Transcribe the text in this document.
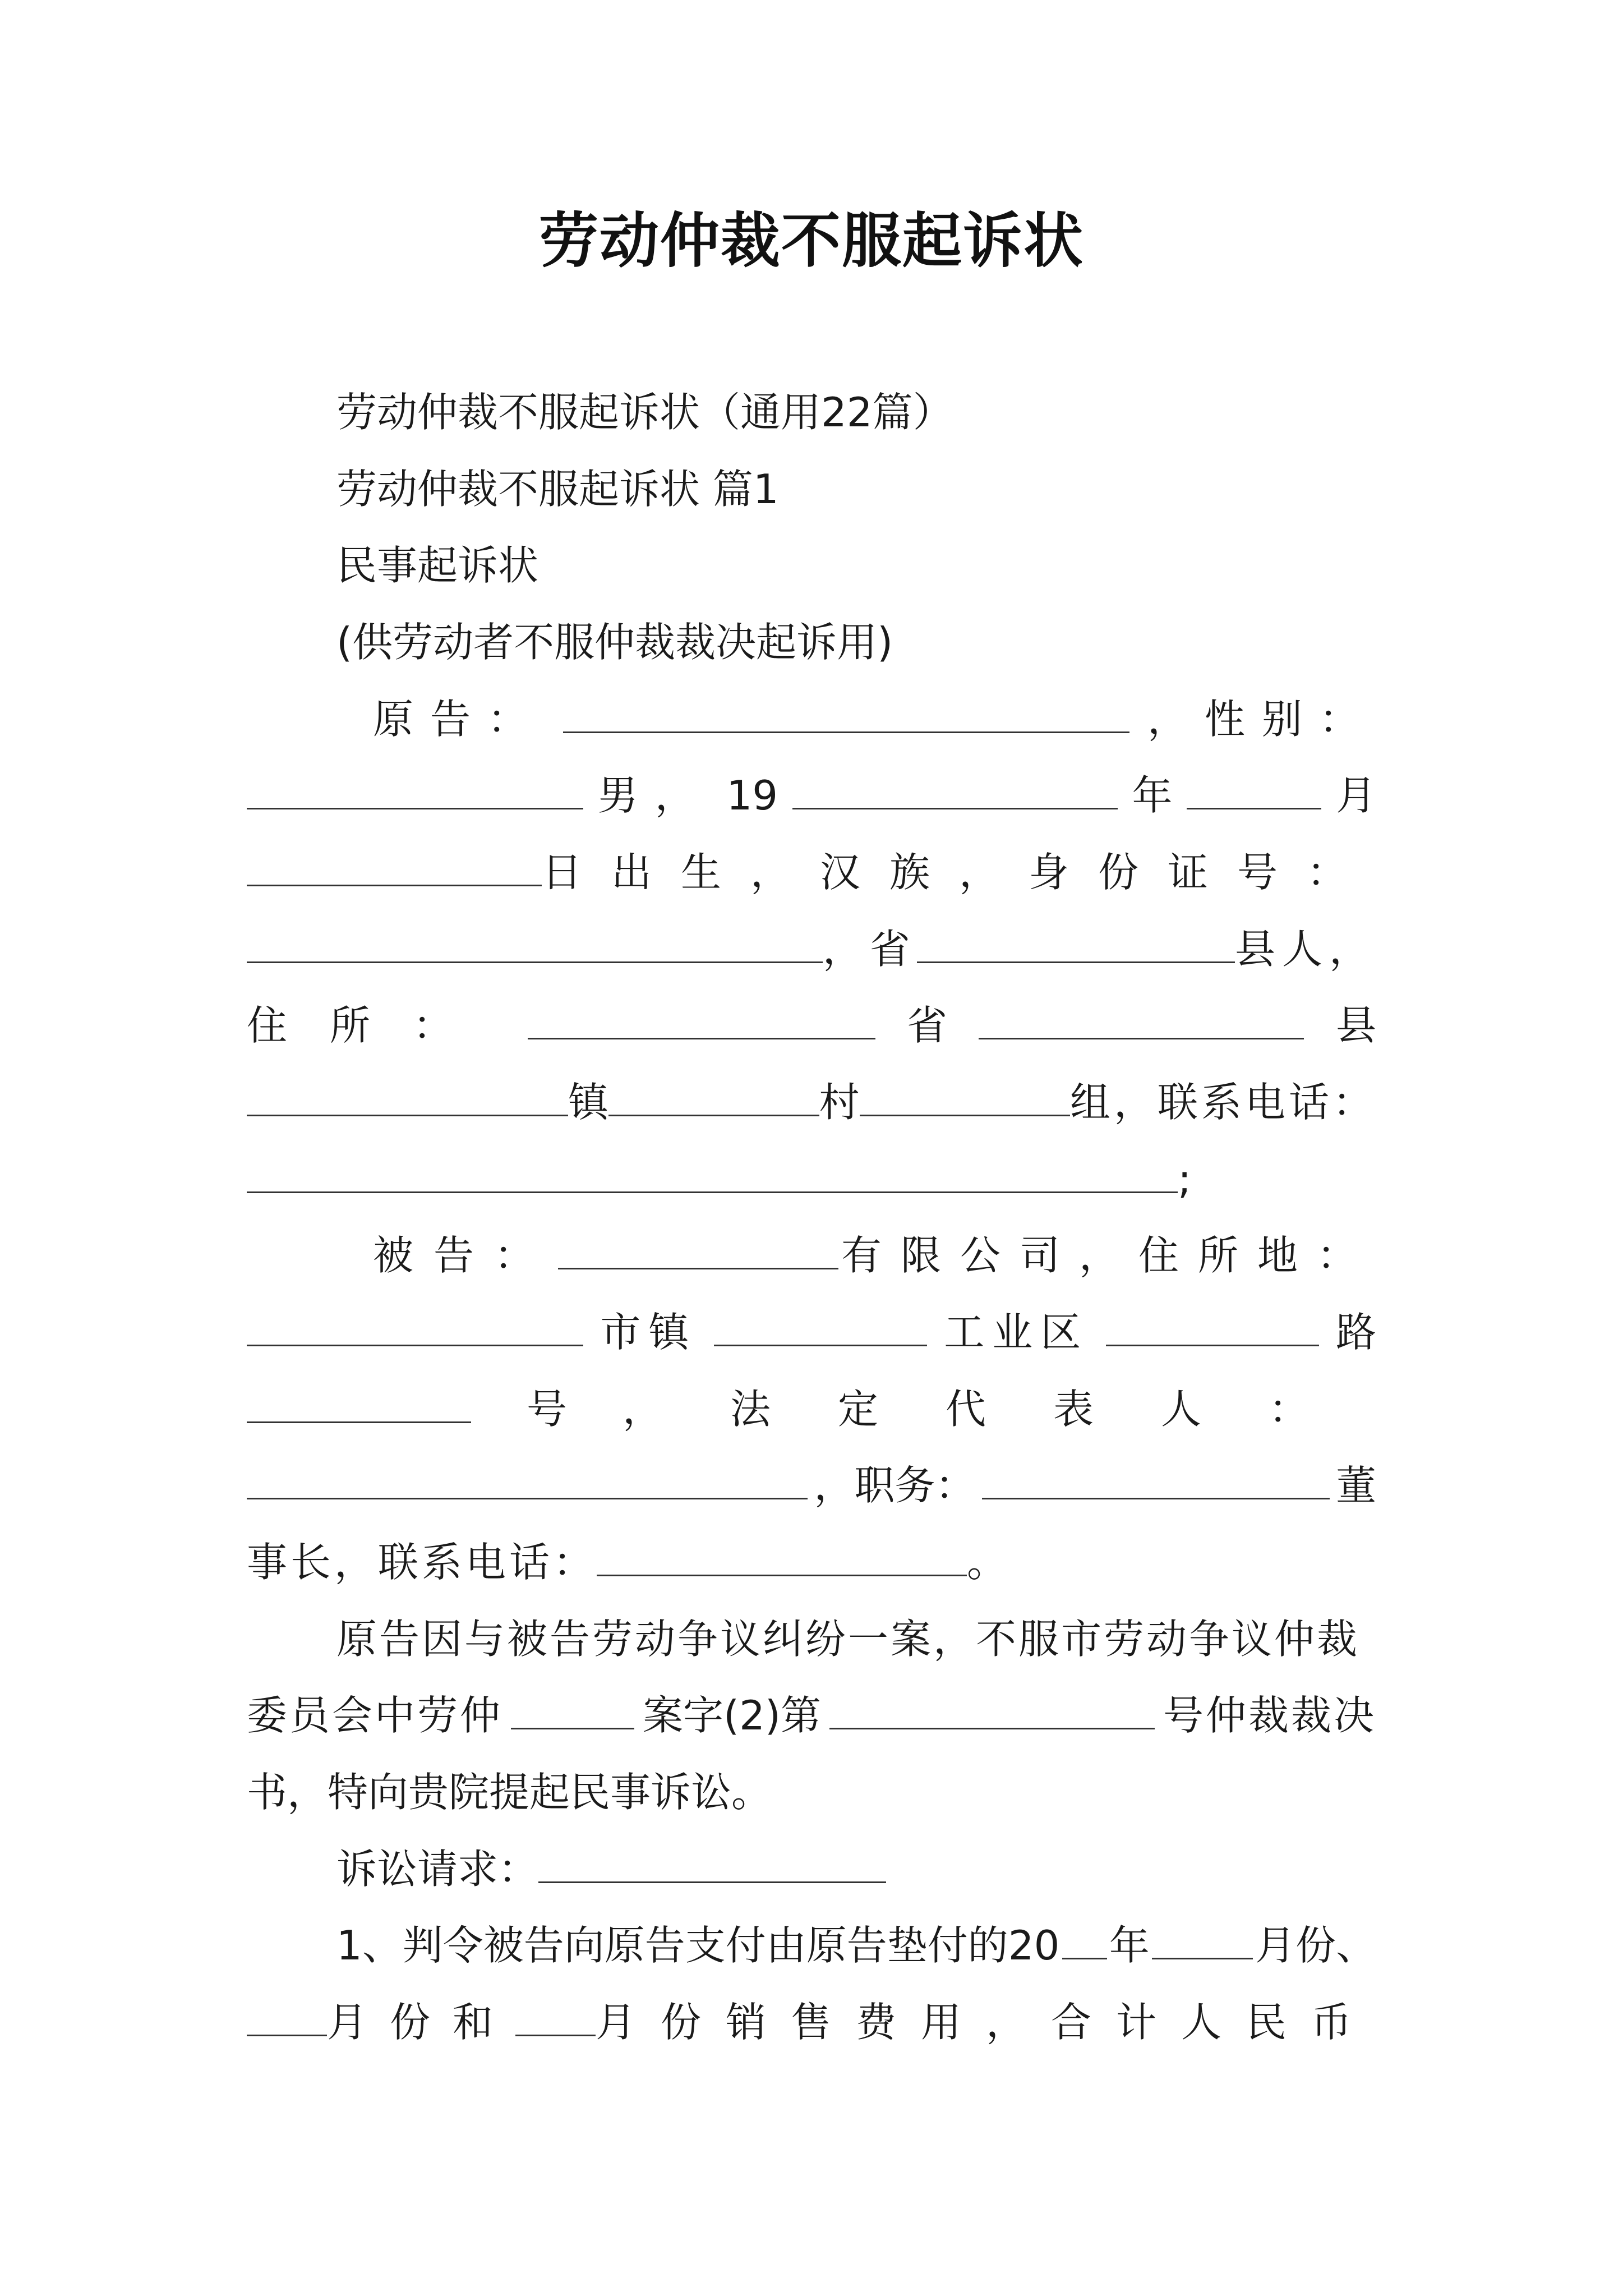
劳动仲裁不服起诉状
劳动仲裁不服起诉状（通用22篇）
劳动仲裁不服起诉状 篇1
民事起诉状
(供劳动者不服仲裁裁决起诉用)
原告：	，性别：
男， 19	年	月
日出生，汉族，身份证号：
，省	县人，
住所：	省	县
镇	村	组，联系电话：
;
被告：	有限公司，住所地：
市镇	工业区	路
号 ，法定代表人：
，职务：	董
事长，联系电话：	。
原告因与被告劳动争议纠纷一案，不服市劳动争议仲裁
委员会中劳仲	案字(2)第	号仲裁裁决
书，特向贵院提起民事诉讼。
诉讼请求：
1、判令被告向原告支付由原告垫付的20 年	月份、
月份和 月份销售费用，合计人民币
